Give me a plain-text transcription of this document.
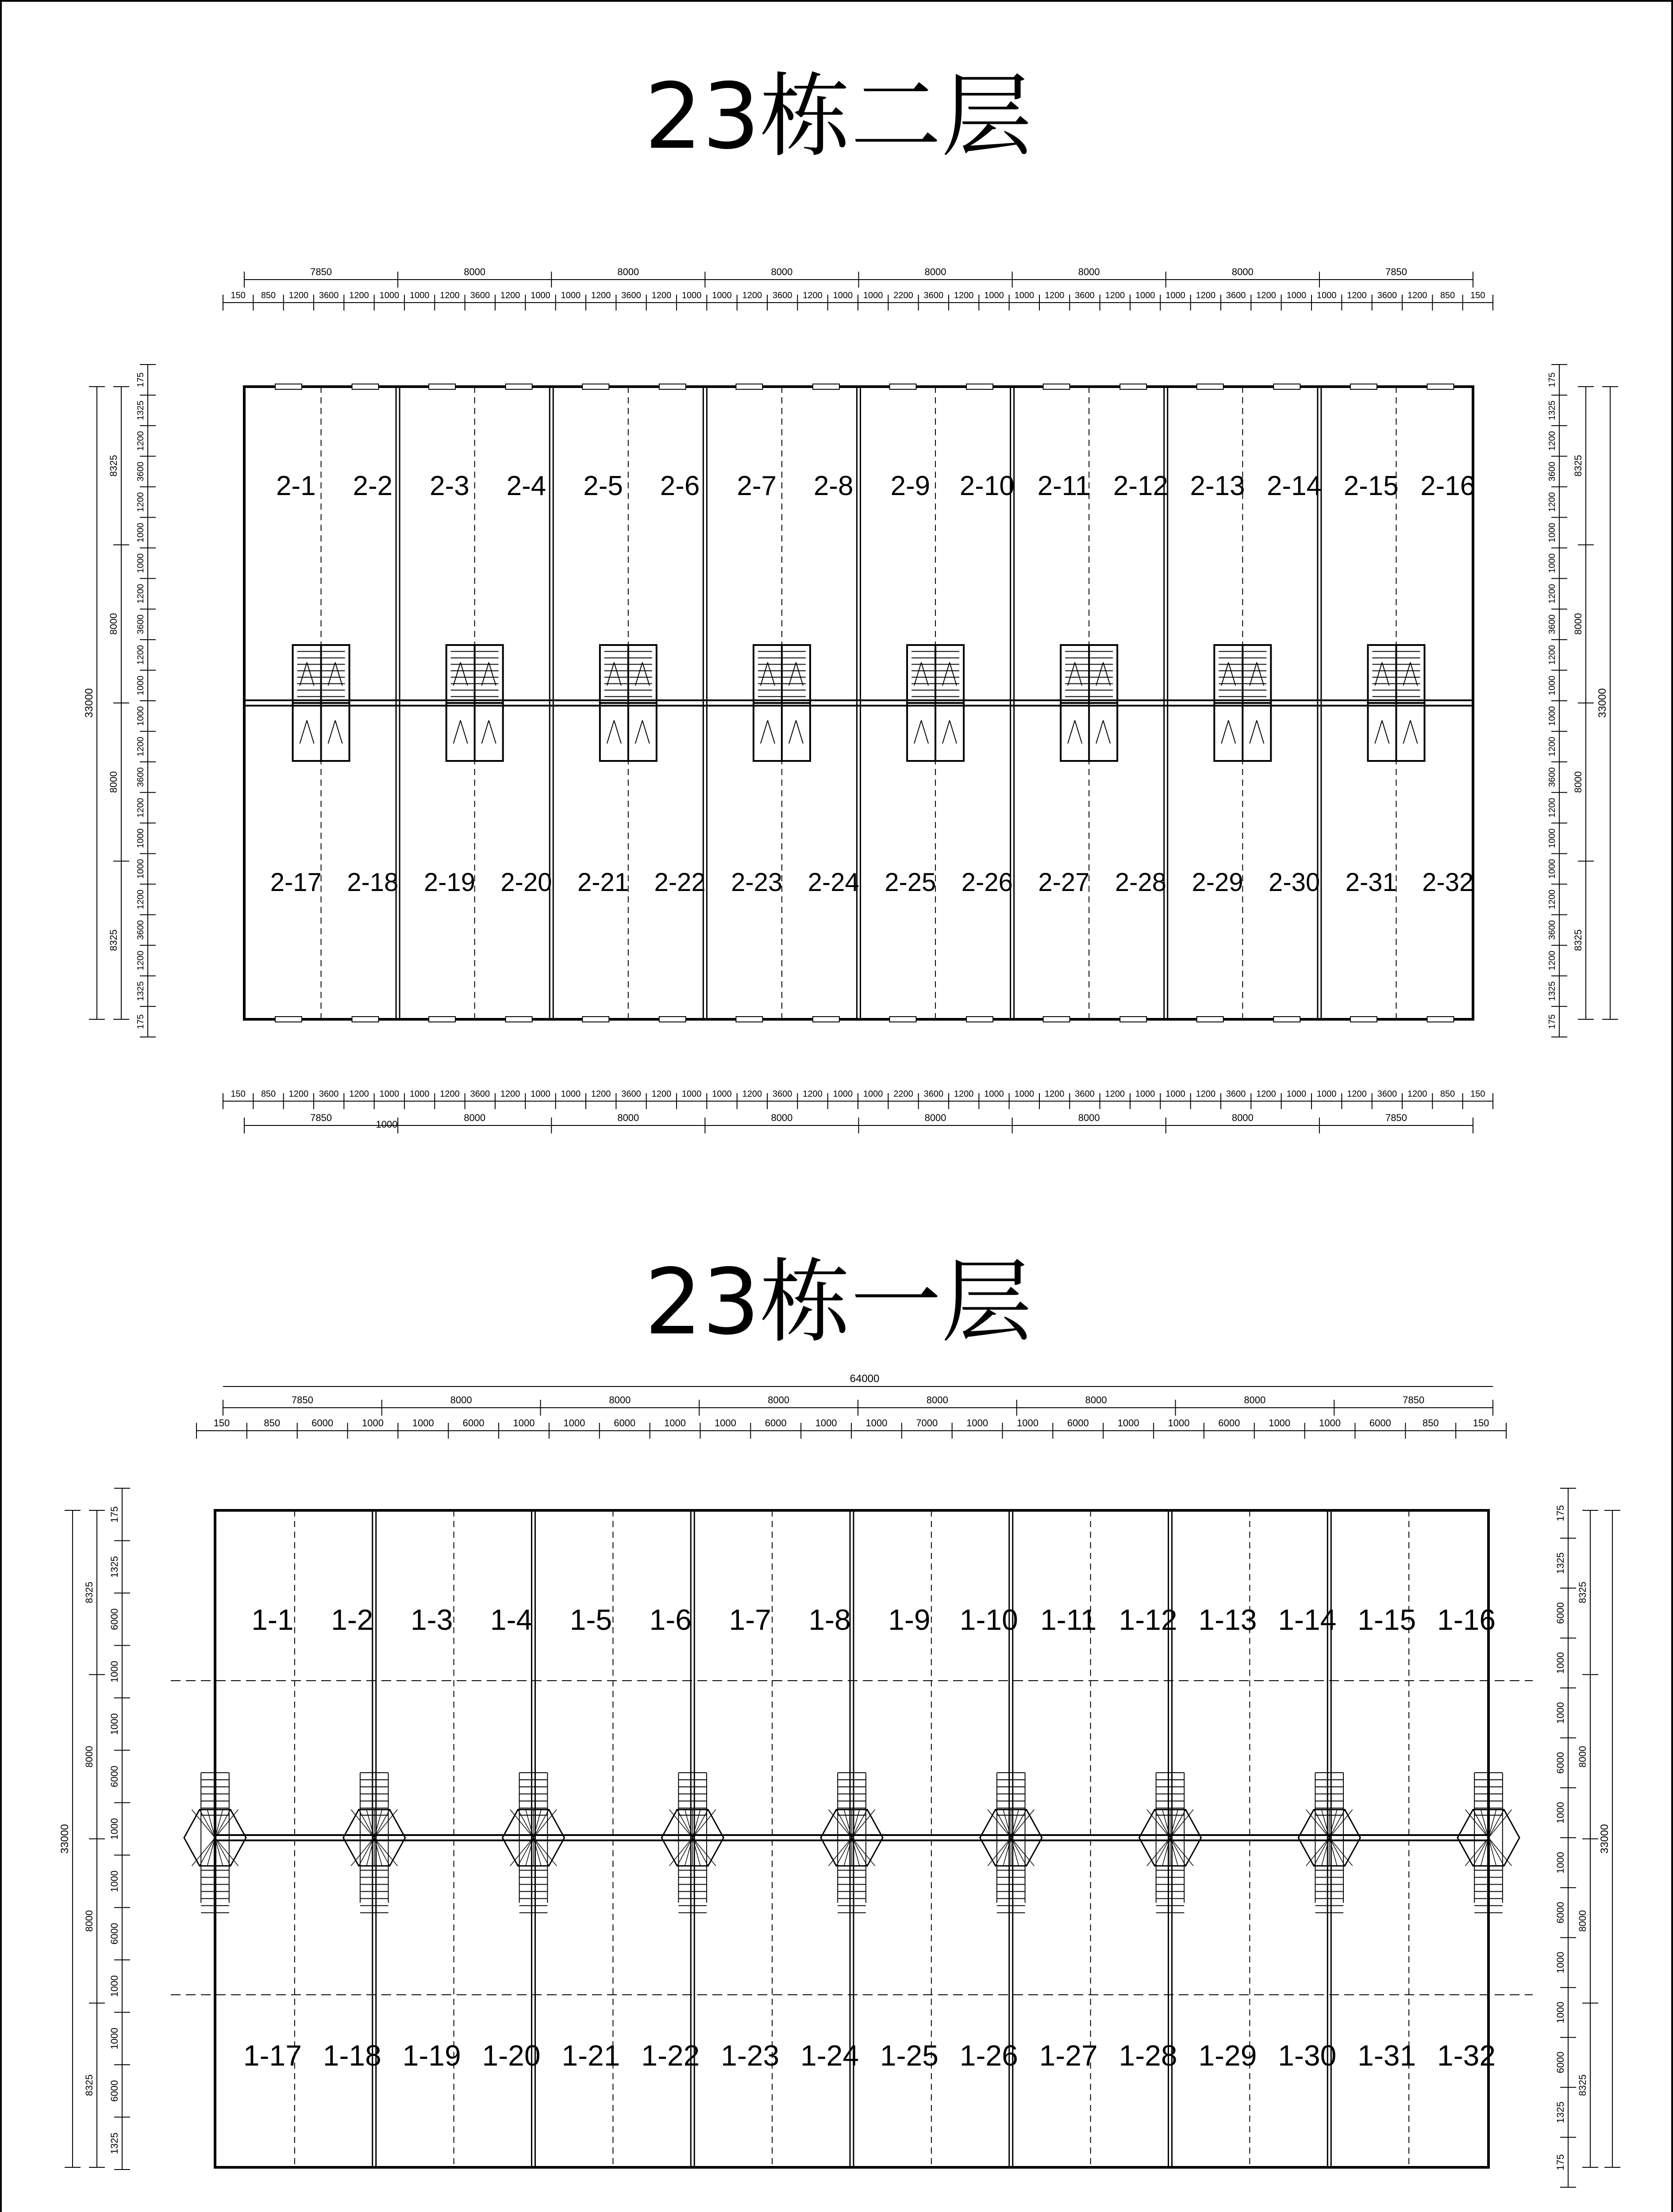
23栋二层
23栋一层
2-1 2-2 2-3 2-4 2-5 2-6 2-7 2-8 2-9 2-10 2-11 2-12 2-13 2-14 2-15 2-16
2-17 2-18 2-19 2-20 2-21 2-22 2-23 2-24 2-25 2-26 2-27 2-28 2-29 2-30 2-31 2-32
7850	8000	8000	8000	8000	8000	8000	7850
150 850 1200 3600 1200 1000 1000 1200 3600 1200 1000 1000 1200 3600 1200 1000 1000 1200 3600 1200 1000 1000 2200 3600 1200 1000 1000 1200 3600 1200 1000 1000 1200 3600 1200 1000 1000 1200 3600 1200 850 150
150 850 1200 3600 1200 1000 1000 1200 3600 1200 1000 1000 1200 3600 1200 1000 1000 1200 3600 1200 1000 1000 2200 3600 1200 1000 1000 1200 3600 1200 1000 1000 1200 3600 1200 1000 1000 1200 3600 1200 850 150
7850	8000	8000	8000	8000	8000	8000	7850
1000
175
1325
1200
3600
1200
1000
1000
1200
3600
1200
1000
1000
1200
3600
1200
1000
1000
1200
3600
1200
1325
175
8325
8000
8000
8325
33000
175
1325
1200
3600
1200
1000
1000
1200
3600
1200
1000
1000
1200
3600
1200
1000
1000
1200
3600
1200
1325
175
8325
8000
8000
8325
33000
1-1 1-2 1-3 1-4 1-5 1-6 1-7 1-8 1-9 1-10 1-11 1-12 1-13 1-14 1-15 1-16
1-17 1-18 1-19 1-20 1-21 1-22 1-23 1-24 1-25 1-26 1-27 1-28 1-29 1-30 1-31 1-32
64000
7850	8000	8000	8000	8000	8000	8000	7850
150	850	6000	1000	1000	6000	1000	1000	6000	1000	1000	6000	1000	1000	7000	1000	1000	6000	1000	1000	6000	1000	1000	6000	850	150
175
1325
6000
1000
1000
6000
1000
1000
6000
1000
1000
6000
1325
8325
8000
8000
8325
33000
175
1325
6000
1000
1000
6000
1000
1000
6000
1000
1000
6000
1325
175
8325
8000
8000
8325
33000
